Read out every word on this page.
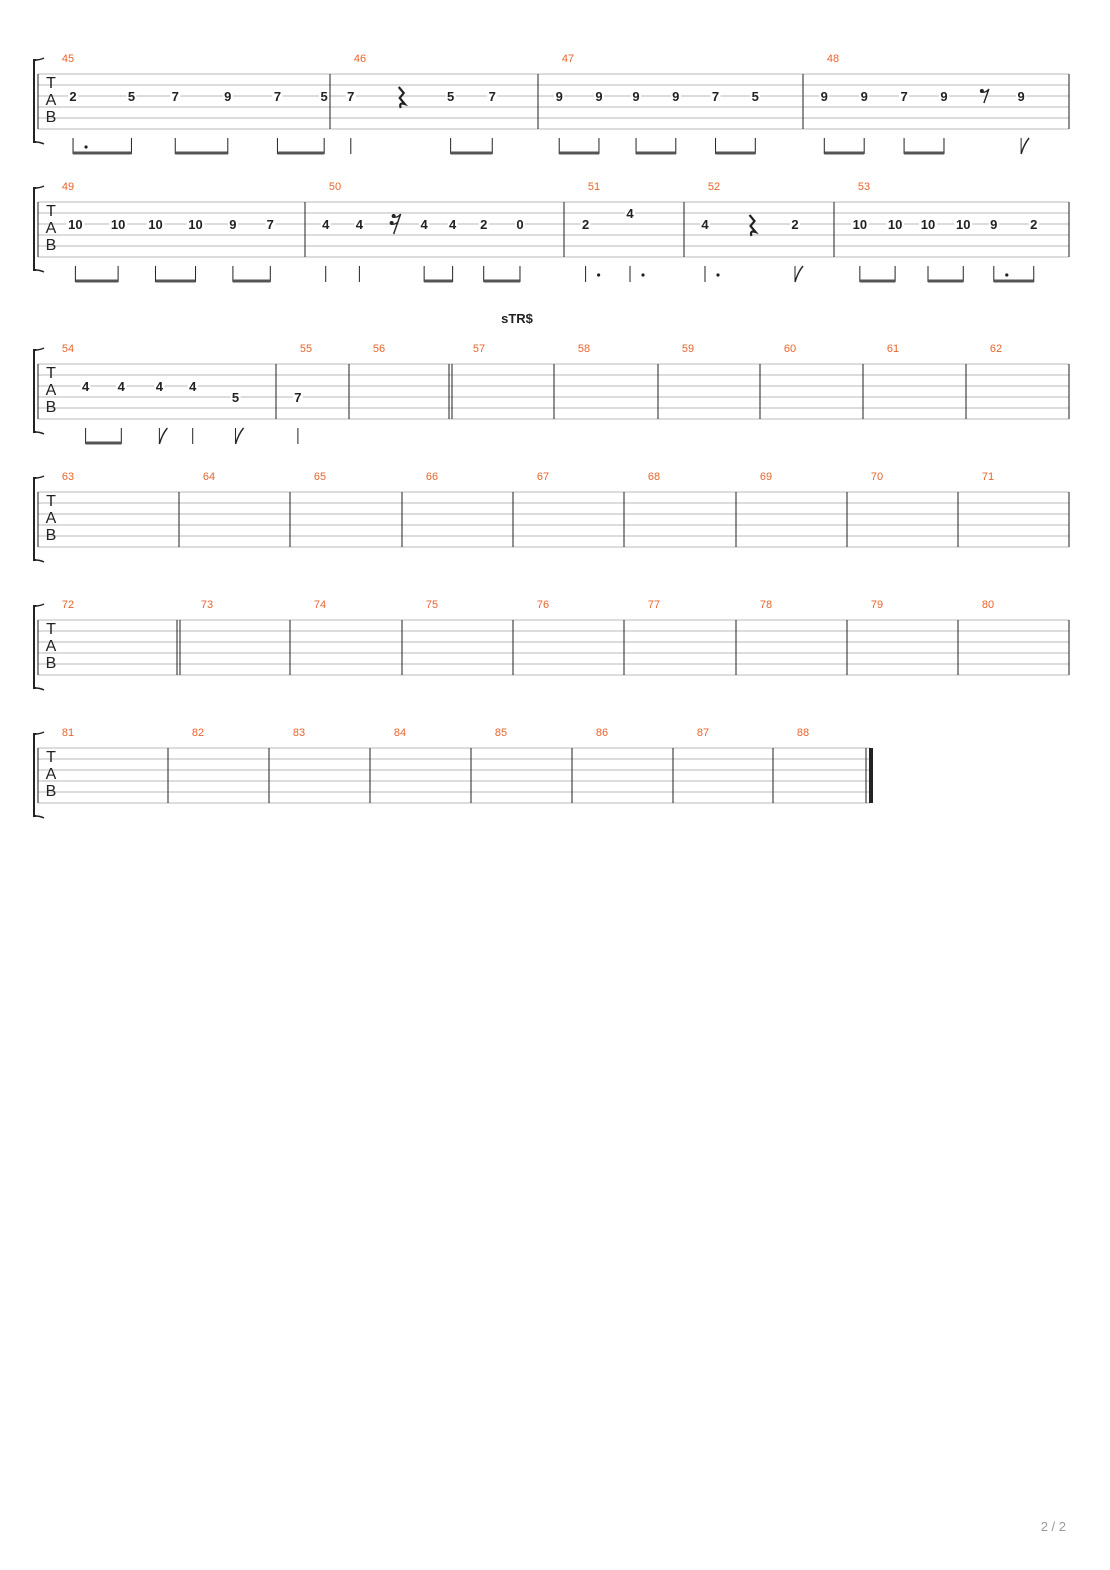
T
A
B
45
2	5	7	9	7	5
46
7	5	7
47
9	9 9	9	7	5
48
9	9	7	9	9
T
A
B
49
10 10 10 10 9 7
50
4 4	4 4 2 0
51
2
4
52
4	2
53
10 10 10 10 9	2
sTR$
T
A
B
54
4 4 4 4
5
55
7
56	57	58	59	60	61	62
T
A
B
63	64	65	66	67	68	69	70	71
T
A
B
72	73	74	75	76	77	78	79	80
T
A
B
81	82	83	84	85	86	87	88
2 / 2
